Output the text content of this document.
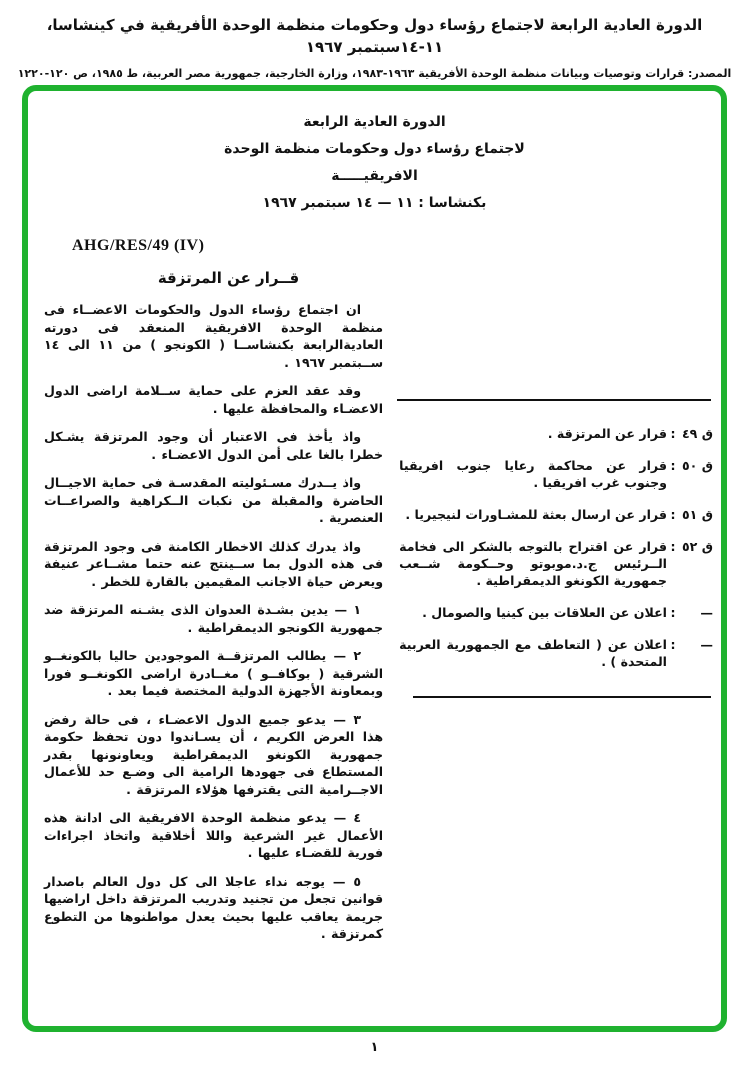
الدورة العادية الرابعة لاجتماع رؤساء دول وحكومات منظمة الوحدة الأفريقية في كينشاسا، ١١-١٤سبتمبر ١٩٦٧
المصدر: قرارات وتوصيات وبيانات منظمة الوحدة الأفريقية ١٩٦٣-١٩٨٣، وزارة الخارجية، جمهورية مصر العربية، ط ١٩٨٥، ص ١٢٠-١٢٢٠
الدورة العادية الرابعة
لاجتماع رؤساء دول وحكومات منظمة الوحدة
الافريقيـــــة
بكنشاسا : ١١ — ١٤ سبتمبر ١٩٦٧
AHG/RES/49 (IV)
قــرار عن المرتزقة

ان اجتماع رؤساء الدول والحكومات الاعضــاء فى منظمة الوحدة الافريقية المنعقد فى دورته العاديةالرابعة بكنشاســا ( الكونجو ) من ١١ الى ١٤ ســبتمبر ١٩٦٧ .

وقد عقد العزم على حماية ســلامة اراضى الدول الاعضـاء والمحافظة عليها .

واذ يأخذ فى الاعتبار أن وجود المرتزقة يشـكل خطرا بالغا على أمن الدول الاعضـاء .

واذ يــدرك مسـئوليته المقدسـة فى حماية الاجيــال الحاضرة والمقبلة من نكبات الــكراهية والصراعــات العنصرية .

واذ يدرك كذلك الاخطار الكامنة فى وجود المرتزقة فى هذه الدول بما ســينتج عنه حتما مشــاعر عنيفة ويعرض حياة الاجانب المقيمين بالقارة للخطر .

١ — يدين بشـدة العدوان الذى يشـنه المرتزقة ضد جمهورية الكونجو الديمقراطية .

٢ — يطالب المرتزقــة الموجودين حاليا بالكونغــو الشرقية ( بوكافــو ) مغــادرة اراضى الكونغــو فورا وبمعاونة الأجهزة الدولية المختصة فيما بعد .

٣ — يدعو جميع الدول الاعضـاء ، فى حالة رفض هذا العرض الكريم ، أن يسـاندوا دون تحفظ حكومة جمهورية الكونغو الديمقراطية ويعاونونها بقدر المستطاع فى جهودها الرامية الى وضـع حد للأعمال الاجــرامية التى يقترفها هؤلاء المرتزقة .

٤ — يدعو منظمة الوحدة الافريقية الى ادانة هذه الأعمال غير الشرعية واللا أخلاقية واتخاذ اجراءات فورية للقضـاء عليها .

٥ — يوجه نداء عاجلا الى كل دول العالم باصدار قوانين تجعل من تجنيد وتدريب المرتزقة داخل اراضيها جريمة يعاقب عليها بحيث يعدل مواطنوها من التطوع كمرتزقة .

ق ٤٩
:
قرار عن المرتزقة .
ق ٥٠
:
قرار عن محاكمة رعايا جنوب افريقيا وجنوب غرب افريقيا .
ق ٥١
:
قرار عن ارسال بعثة للمشـاورات لنيجيريا .
ق ٥٢
:
قرار عن اقتراح بالتوجه بالشكر الى فخامة الــرئيس ج.د.موبوتو وحــكومة شــعب جمهورية الكونغو الديمقراطية .
—
:
اعلان عن العلاقات بين كينيا والصومال .
—
:
اعلان عن ( التعاطف مع الجمهورية العربية المتحدة ) .
١
